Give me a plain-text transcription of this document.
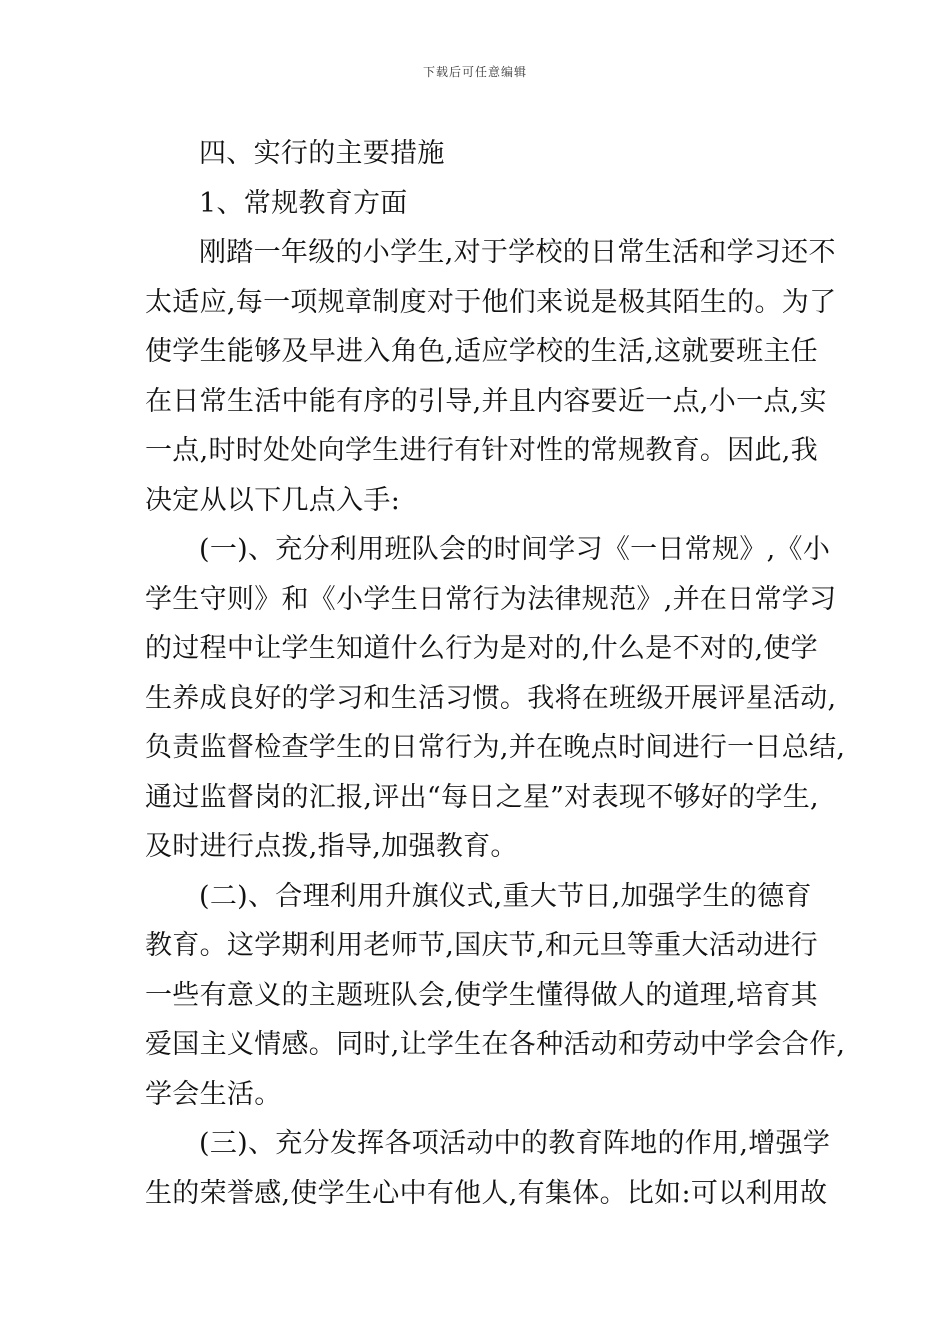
下载后可任意编辑
四、实行的主要措施
1、常规教育方面
刚踏一年级的小学生,对于学校的日常生活和学习还不
太适应,每一项规章制度对于他们来说是极其陌生的。为了
使学生能够及早进入角色,适应学校的生活,这就要班主任
在日常生活中能有序的引导,并且内容要近一点,小一点,实
一点,时时处处向学生进行有针对性的常规教育。因此,我
决定从以下几点入手:
(一)、充分利用班队会的时间学习《一日常规》,《小
学生守则》和《小学生日常行为法律规范》,并在日常学习
的过程中让学生知道什么行为是对的,什么是不对的,使学
生养成良好的学习和生活习惯。我将在班级开展评星活动,
负责监督检查学生的日常行为,并在晚点时间进行一日总结,
通过监督岗的汇报,评出“每日之星”对表现不够好的学生,
及时进行点拨,指导,加强教育。
(二)、合理利用升旗仪式,重大节日,加强学生的德育
教育。这学期利用老师节,国庆节,和元旦等重大活动进行
一些有意义的主题班队会,使学生懂得做人的道理,培育其
爱国主义情感。同时,让学生在各种活动和劳动中学会合作,
学会生活。
(三)、充分发挥各项活动中的教育阵地的作用,增强学
生的荣誉感,使学生心中有他人,有集体。比如:可以利用故
